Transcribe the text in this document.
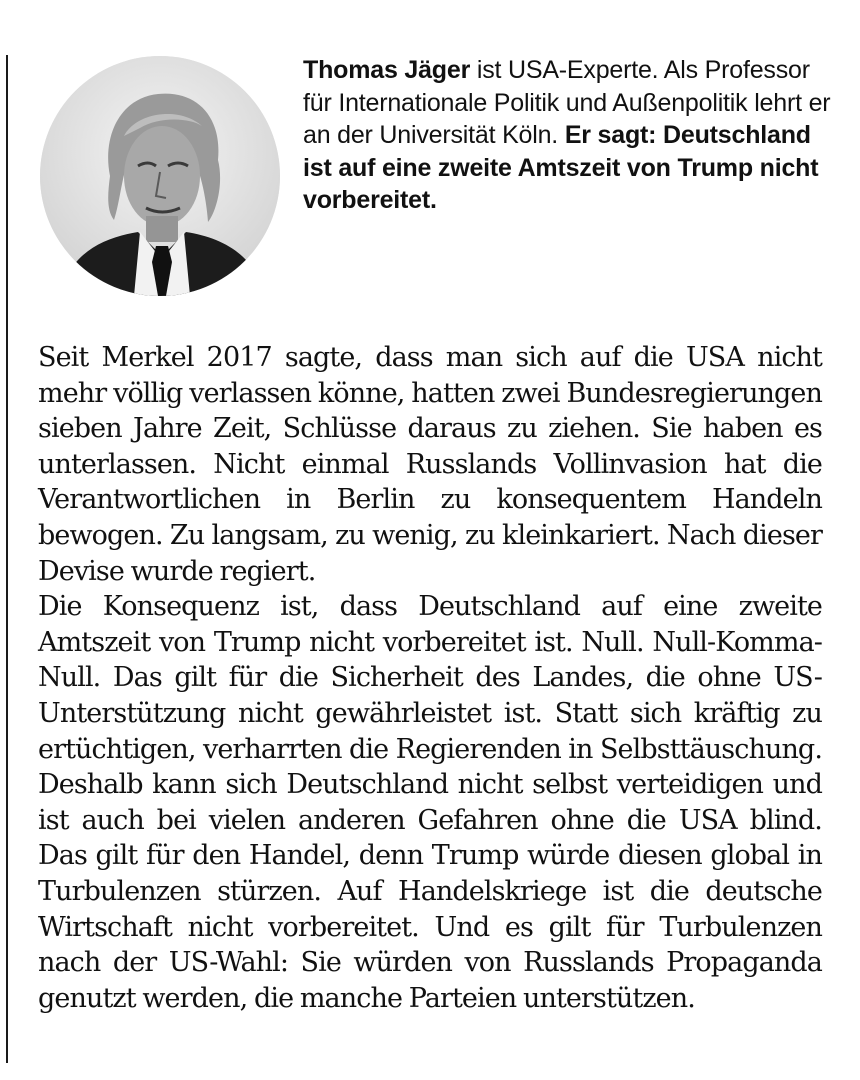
Thomas Jäger ist USA-Experte. Als Professor für Internationale Politik und Außenpolitik lehrt er an der Universität Köln. Er sagt: Deutschland ist auf eine zweite Amtszeit von Trump nicht vorbereitet.

Seit Merkel 2017 sagte, dass man sich auf die USA nicht mehr völlig verlassen könne, hatten zwei Bundesregierungen sieben Jahre Zeit, Schlüsse daraus zu ziehen. Sie haben es unterlassen. Nicht einmal Russlands Vollinvasion hat die Verantwortlichen in Berlin zu konsequentem Handeln bewogen. Zu langsam, zu wenig, zu kleinkariert. Nach dieser Devise wurde regiert.

Die Konsequenz ist, dass Deutschland auf eine zweite Amtszeit von Trump nicht vorbereitet ist. Null. Null-Komma-Null. Das gilt für die Sicherheit des Landes, die ohne US-Unterstützung nicht gewährleistet ist. Statt sich kräftig zu ertüchtigen, verharrten die Regierenden in Selbsttäuschung. Deshalb kann sich Deutschland nicht selbst verteidigen und ist auch bei vielen anderen Gefahren ohne die USA blind. Das gilt für den Handel, denn Trump würde diesen global in Turbulenzen stürzen. Auf Handelskriege ist die deutsche Wirtschaft nicht vorbereitet. Und es gilt für Turbulenzen nach der US-Wahl: Sie würden von Russlands Propaganda genutzt werden, die manche Parteien unterstützen.
